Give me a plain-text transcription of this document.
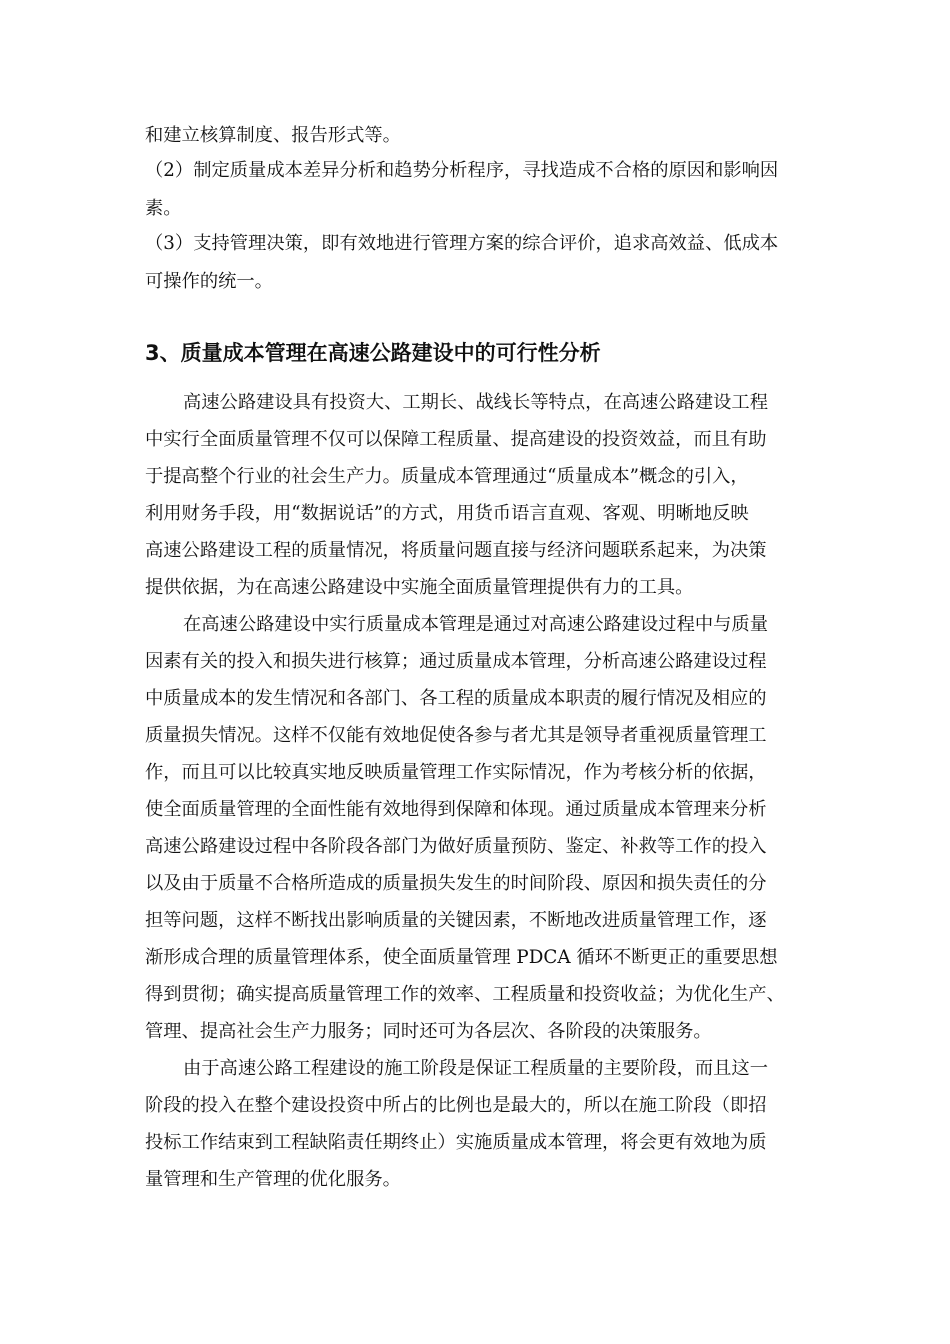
和建立核算制度、报告形式等。
（2）制定质量成本差异分析和趋势分析程序，寻找造成不合格的原因和影响因
素。
（3）支持管理决策，即有效地进行管理方案的综合评价，追求高效益、低成本
可操作的统一。
3、质量成本管理在高速公路建设中的可行性分析
高速公路建设具有投资大、工期长、战线长等特点，在高速公路建设工程
中实行全面质量管理不仅可以保障工程质量、提高建设的投资效益，而且有助
于提高整个行业的社会生产力。质量成本管理通过“质量成本”概念的引入，
利用财务手段，用“数据说话”的方式，用货币语言直观、客观、明晰地反映
高速公路建设工程的质量情况，将质量问题直接与经济问题联系起来，为决策
提供依据，为在高速公路建设中实施全面质量管理提供有力的工具。
在高速公路建设中实行质量成本管理是通过对高速公路建设过程中与质量
因素有关的投入和损失进行核算；通过质量成本管理，分析高速公路建设过程
中质量成本的发生情况和各部门、各工程的质量成本职责的履行情况及相应的
质量损失情况。这样不仅能有效地促使各参与者尤其是领导者重视质量管理工
作，而且可以比较真实地反映质量管理工作实际情况，作为考核分析的依据，
使全面质量管理的全面性能有效地得到保障和体现。通过质量成本管理来分析
高速公路建设过程中各阶段各部门为做好质量预防、鉴定、补救等工作的投入
以及由于质量不合格所造成的质量损失发生的时间阶段、原因和损失责任的分
担等问题，这样不断找出影响质量的关键因素，不断地改进质量管理工作，逐
渐形成合理的质量管理体系，使全面质量管理 PDCA 循环不断更正的重要思想
得到贯彻；确实提高质量管理工作的效率、工程质量和投资收益；为优化生产、
管理、提高社会生产力服务；同时还可为各层次、各阶段的决策服务。
由于高速公路工程建设的施工阶段是保证工程质量的主要阶段，而且这一
阶段的投入在整个建设投资中所占的比例也是最大的，所以在施工阶段（即招
投标工作结束到工程缺陷责任期终止）实施质量成本管理，将会更有效地为质
量管理和生产管理的优化服务。
